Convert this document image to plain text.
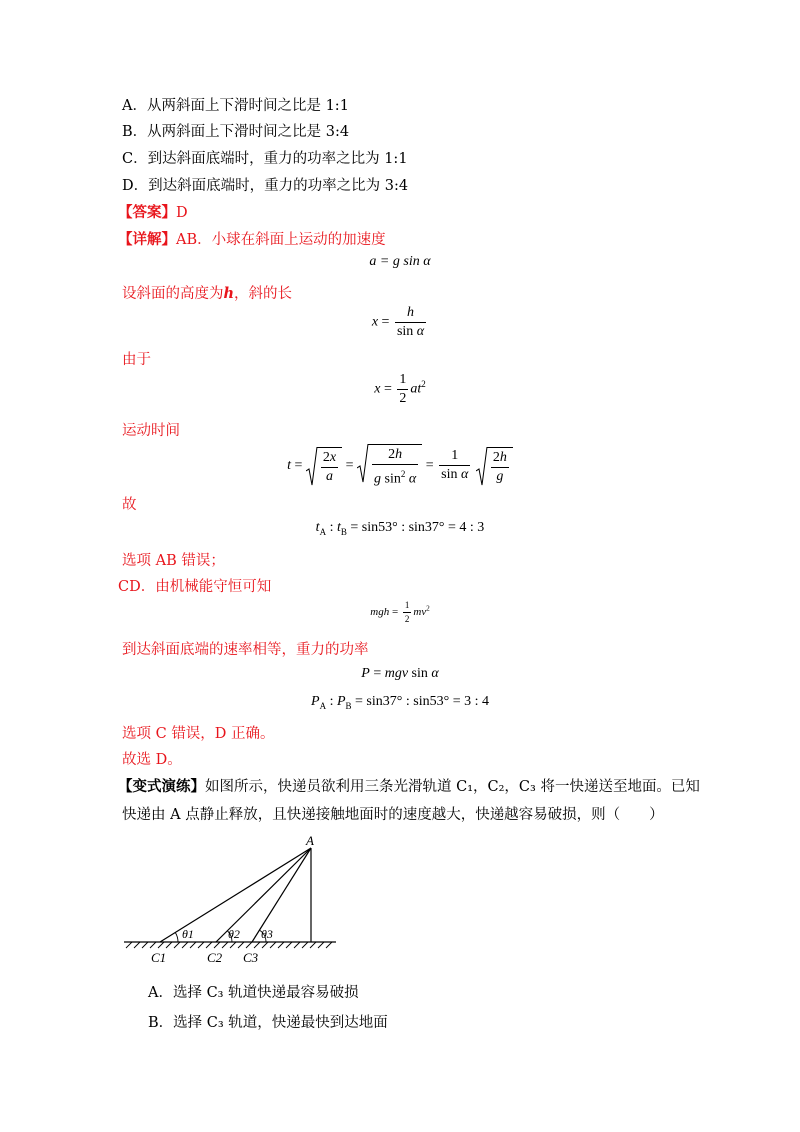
A．从两斜面上下滑时间之比是 1:1
B．从两斜面上下滑时间之比是 3:4
C．到达斜面底端时，重力的功率之比为 1:1
D．到达斜面底端时，重力的功率之比为 3:4
【答案】D
【详解】AB．小球在斜面上运动的加速度
a = g sin α
设斜面的高度为h，斜的长
$x = \frac{h}{\text{sin α}}$
由于
$x = \frac{1}{2} at^2$
运动时间
$t = \frac{2x}{a} = \frac{2h}{g \sin^2 \alpha} = \frac{1}{\text{sin α}}$
$\frac{2h}{g}$
故
$t_A$ : $t_B = \sin 53^\circ$ : sin37° = 4 : 3
选项 AB 错误；
CD．由机械能守恒可知
mgh = $\frac{1}{2} mv^2$
到达斜面底端的速率相等，重力的功率
P = mgv sin α
$P_A$ : $P_B = \sin 37^\circ$ : sin53° = 3 : 4
选项 C 错误，D 正确。
故选 D。
【变式演练】如图所示，快递员欲利用三条光滑轨道 C₁，C₂，C₃ 将一快递送至地面。已知
快递由 A 点静止释放，且快递接触地面时的速度越大，快递越容易破损，则（　　）
A
θ1	θ2 θ3
C1	C2 C3
A．选择 C₃ 轨道快递最容易破损
B．选择 C₃ 轨道，快递最快到达地面
